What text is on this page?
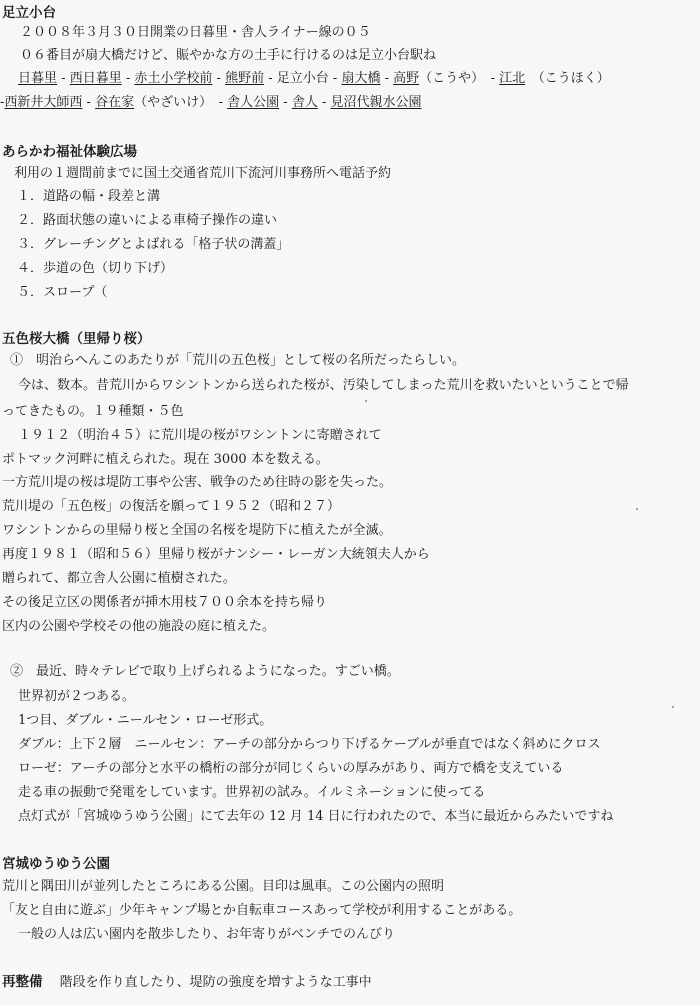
足立小台
２００８年３月３０日開業の日暮里・舎人ライナー線の０５
０６番目が扇大橋だけど、賑やかな方の土手に行けるのは足立小台駅ね
日暮里 - 西日暮里 - 赤土小学校前 - 熊野前 - 足立小台 - 扇大橋 - 高野 （こうや）　- 江北 　（こうほく）
- 西新井大師西 - 谷在家 （やざいけ）　- 舎人公園 - 舎人 - 見沼代親水公園
あらかわ福祉体験広場
利用の１週間前までに国土交通省荒川下流河川事務所へ電話予約
１．道路の幅・段差と溝
２．路面状態の違いによる車椅子操作の違い
３．グレーチングとよばれる「格子状の溝蓋」
４．歩道の色（切り下げ）
５．スロープ（
五色桜大橋（里帰り桜）
①　明治らへんこのあたりが「荒川の五色桜」として桜の名所だったらしい。
今は、数本。昔荒川からワシントンから送られた桜が、汚染してしまった荒川を救いたいということで帰
ってきたもの。１９種類・５色
１９１２（明治４５）に荒川堤の桜がワシントンに寄贈されて
ポトマック河畔に植えられた。現在 3000 本を数える。
一方荒川堤の桜は堤防工事や公害、戦争のため往時の影を失った。
荒川堤の「五色桜」の復活を願って１９５２（昭和２７）
ワシントンからの里帰り桜と全国の名桜を堤防下に植えたが全滅。
再度１９８１（昭和５６）里帰り桜がナンシー・レーガン大統領夫人から
贈られて、都立舎人公園に植樹された。
その後足立区の関係者が挿木用枝７００余本を持ち帰り
区内の公園や学校その他の施設の庭に植えた。
②　最近、時々テレビで取り上げられるようになった。すごい橋。
世界初が２つある。
1つ目、ダブル・ニールセン・ローゼ形式。
ダブル：上下２層　ニールセン：アーチの部分からつり下げるケーブルが垂直ではなく斜めにクロス
ローゼ：アーチの部分と水平の橋桁の部分が同じくらいの厚みがあり、両方で橋を支えている
走る車の振動で発電をしています。世界初の試み。イルミネーションに使ってる
点灯式が「宮城ゆうゆう公園」にて去年の 12 月 14 日に行われたので、本当に最近からみたいですね
宮城ゆうゆう公園
荒川と隅田川が並列したところにある公園。目印は風車。この公園内の照明
「友と自由に遊ぶ」少年キャンプ場とか自転車コースあって学校が利用することがある。
一般の人は広い園内を散歩したり、お年寄りがベンチでのんびり
再整備　 階段を作り直したり、堤防の強度を増すような工事中
